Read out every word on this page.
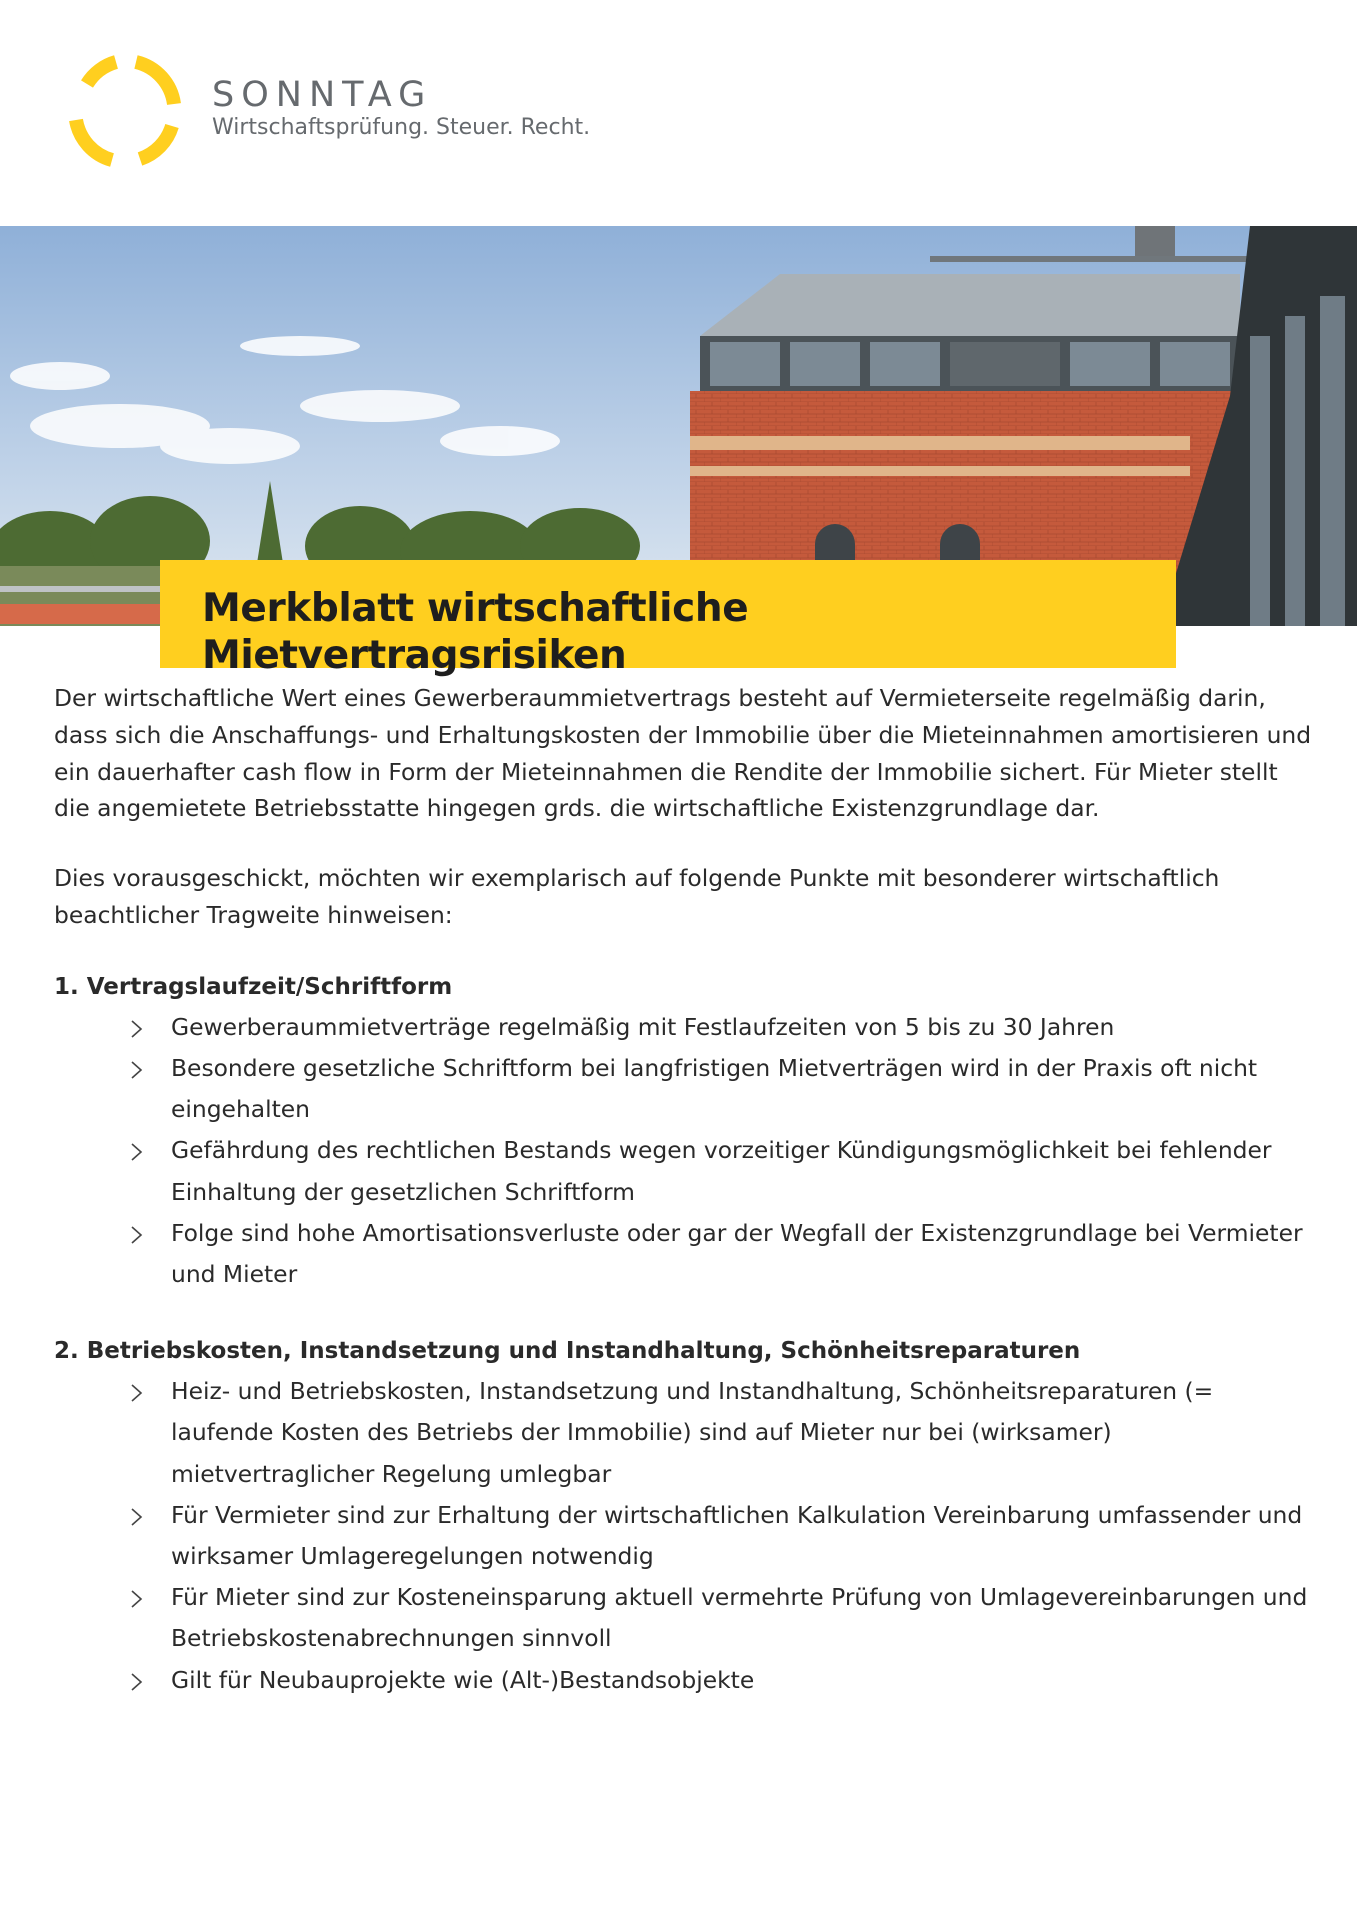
SONNTAG
Wirtschaftsprüfung. Steuer. Recht.
Merkblatt wirtschaftliche Mietvertragsrisiken

Der wirtschaftliche Wert eines Gewerberaummietvertrags besteht auf Vermieterseite regelmäßig darin, dass sich die Anschaffungs- und Erhaltungskosten der Immobilie über die Mieteinnahmen amortisieren und ein dauerhafter cash flow in Form der Mieteinnahmen die Rendite der Immobilie sichert. Für Mieter stellt die angemietete Betriebsstatte hingegen grds. die wirtschaftliche Existenzgrundlage dar.

Dies vorausgeschickt, möchten wir exemplarisch auf folgende Punkte mit besonderer wirtschaftlich beachtlicher Tragweite hinweisen:

1. Vertragslaufzeit/Schriftform
Gewerberaummietverträge regelmäßig mit Festlaufzeiten von 5 bis zu 30 Jahren
Besondere gesetzliche Schriftform bei langfristigen Mietverträgen wird in der Praxis oft nicht eingehalten
Gefährdung des rechtlichen Bestands wegen vorzeitiger Kündigungsmöglichkeit bei fehlender Einhaltung der gesetzlichen Schriftform
Folge sind hohe Amortisationsverluste oder gar der Wegfall der Existenzgrundlage bei Vermieter und Mieter
2. Betriebskosten, Instandsetzung und Instandhaltung, Schönheitsreparaturen
Heiz- und Betriebskosten, Instandsetzung und Instandhaltung, Schönheitsreparaturen (= laufende Kosten des Betriebs der Immobilie) sind auf Mieter nur bei (wirksamer) mietvertraglicher Regelung umlegbar
Für Vermieter sind zur Erhaltung der wirtschaftlichen Kalkulation Vereinbarung umfassender und wirksamer Umlageregelungen notwendig
Für Mieter sind zur Kosteneinsparung aktuell vermehrte Prüfung von Umlagevereinbarungen und Betriebskostenabrechnungen sinnvoll
Gilt für Neubauprojekte wie (Alt-)Bestandsobjekte
